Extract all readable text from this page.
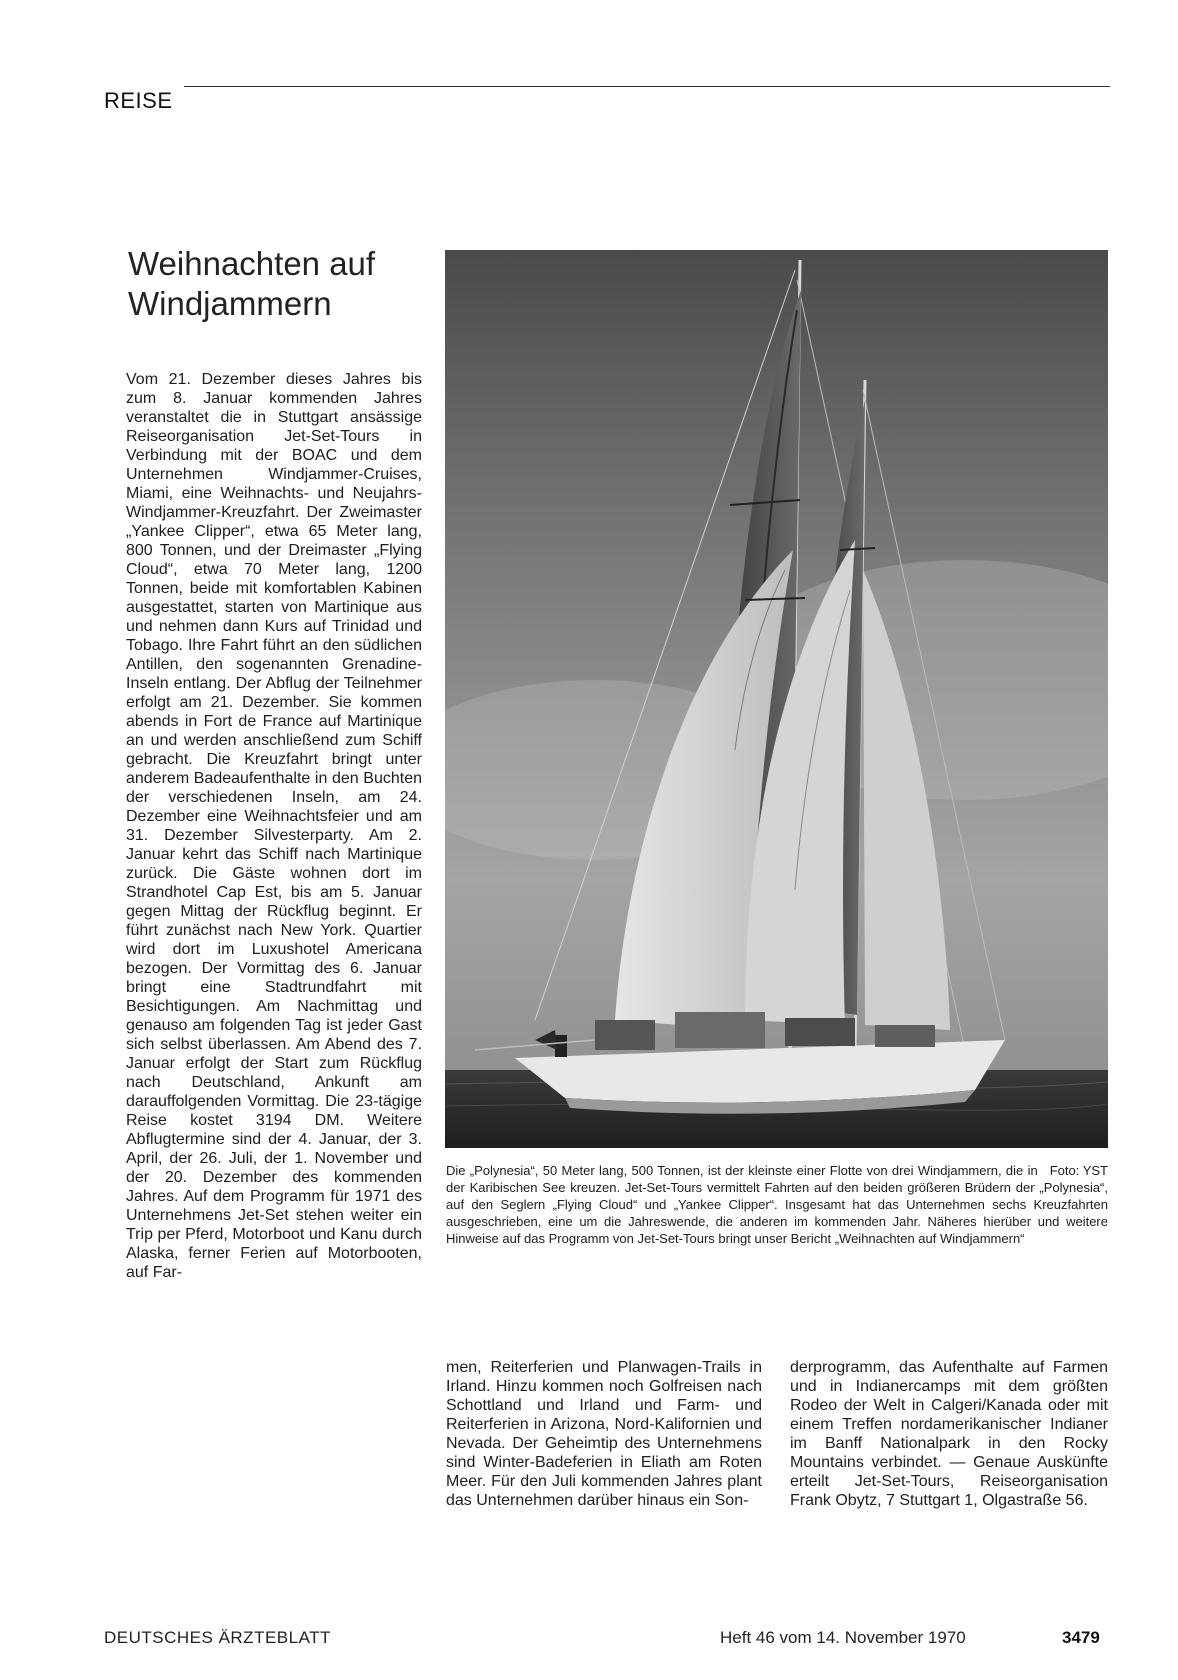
REISE
Weihnachten auf Windjammern

Vom 21. Dezember dieses Jahres bis zum 8. Januar kommenden Jahres veranstaltet die in Stuttgart ansässige Reiseorganisation Jet-Set-Tours in Verbindung mit der BOAC und dem Unternehmen Windjammer-Cruises, Miami, eine Weihnachts- und Neujahrs-Windjammer-Kreuzfahrt. Der Zweimaster „Yankee Clipper“, etwa 65 Meter lang, 800 Tonnen, und der Dreimaster „Flying Cloud“, etwa 70 Meter lang, 1200 Tonnen, beide mit komfortablen Kabinen ausgestattet, starten von Martinique aus und nehmen dann Kurs auf Trinidad und Tobago. Ihre Fahrt führt an den südlichen Antillen, den sogenannten Grenadine-Inseln entlang. Der Abflug der Teilnehmer erfolgt am 21. Dezember. Sie kommen abends in Fort de France auf Martinique an und werden anschließend zum Schiff gebracht. Die Kreuzfahrt bringt unter anderem Badeaufenthalte in den Buchten der verschiedenen Inseln, am 24. Dezember eine Weihnachtsfeier und am 31. Dezember Silvesterparty. Am 2. Januar kehrt das Schiff nach Martinique zurück. Die Gäste wohnen dort im Strandhotel Cap Est, bis am 5. Januar gegen Mittag der Rückflug beginnt. Er führt zunächst nach New York. Quartier wird dort im Luxushotel Americana bezogen. Der Vormittag des 6. Januar bringt eine Stadtrundfahrt mit Besichtigungen. Am Nachmittag und genauso am folgenden Tag ist jeder Gast sich selbst überlassen. Am Abend des 7. Januar erfolgt der Start zum Rückflug nach Deutschland, Ankunft am darauffolgenden Vormittag. Die 23-tägige Reise kostet 3194 DM. Weitere Abflugtermine sind der 4. Januar, der 3. April, der 26. Juli, der 1. November und der 20. Dezember des kommenden Jahres. Auf dem Programm für 1971 des Unternehmens Jet-Set stehen weiter ein Trip per Pferd, Motorboot und Kanu durch Alaska, ferner Ferien auf Motorbooten, auf Far-

Foto: YST
Die „Polynesia“, 50 Meter lang, 500 Tonnen, ist der kleinste einer Flotte von drei Windjammern, die in der Karibischen See kreuzen. Jet-Set-Tours vermittelt Fahrten auf den beiden größeren Brüdern der „Polynesia“, auf den Seglern „Flying Cloud“ und „Yankee Clipper“. Insgesamt hat das Unternehmen sechs Kreuzfahrten ausgeschrieben, eine um die Jahreswende, die anderen im kommenden Jahr. Näheres hierüber und weitere Hinweise auf das Programm von Jet-Set-Tours bringt unser Bericht „Weihnachten auf Windjammern“

men, Reiterferien und Planwagen-Trails in Irland. Hinzu kommen noch Golfreisen nach Schottland und Irland und Farm- und Reiterferien in Arizona, Nord-Kalifornien und Nevada. Der Geheimtip des Unternehmens sind Winter-Badeferien in Eliath am Roten Meer. Für den Juli kommenden Jahres plant das Unternehmen darüber hinaus ein Son-

derprogramm, das Aufenthalte auf Farmen und in Indianercamps mit dem größten Rodeo der Welt in Calgeri/Kanada oder mit einem Treffen nordamerikanischer Indianer im Banff Nationalpark in den Rocky Mountains verbindet. — Genaue Auskünfte erteilt Jet-Set-Tours, Reiseorganisation Frank Obytz, 7 Stuttgart 1, Olgastraße 56.

DEUTSCHES ÄRZTEBLATT	Heft 46 vom 14. November 1970	3479
